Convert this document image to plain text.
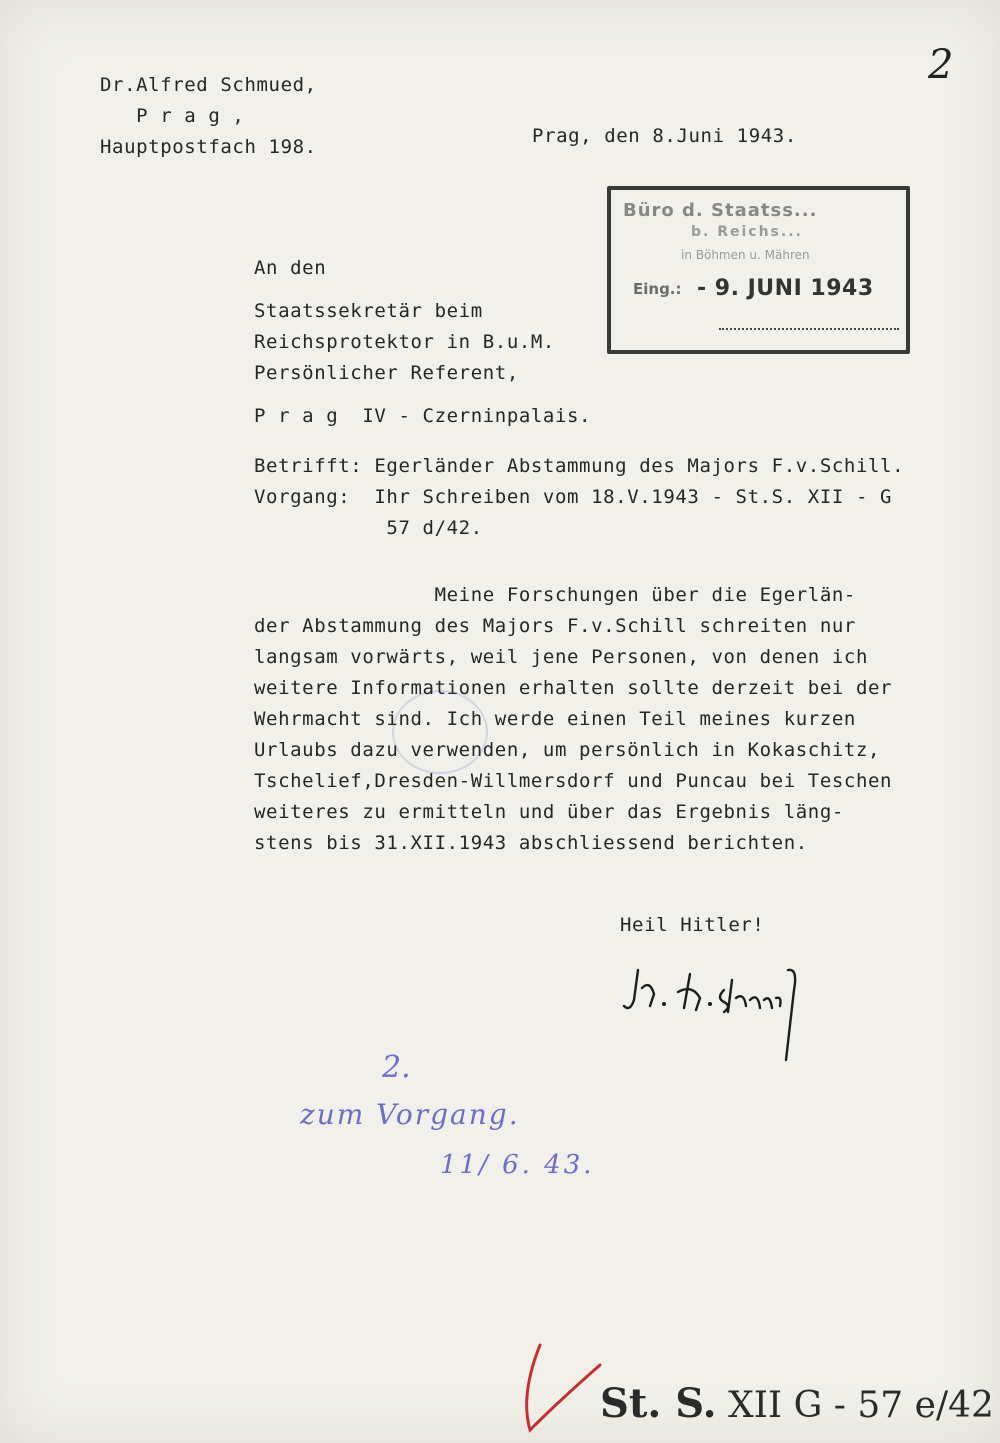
2
Dr.Alfred Schmued,
P r a g ,
Hauptpostfach 198.	Prag, den 8.Juni 1943.
Büro d. Staatss...
b. Reichs...
in Böhmen u. Mähren
Eing.: - 9. JUNI 1943
An den
Staatssekretär beim
Reichsprotektor in B.u.M.
Persönlicher Referent,
P r a g  IV - Czerninpalais.
Betrifft: Egerländer Abstammung des Majors F.v.Schill.
Vorgang:  Ihr Schreiben vom 18.V.1943 - St.S. XII - G
57 d/42.
Meine Forschungen über die Egerlän-
der Abstammung des Majors F.v.Schill schreiten nur
langsam vorwärts, weil jene Personen, von denen ich
weitere Informationen erhalten sollte derzeit bei der
Wehrmacht sind. Ich werde einen Teil meines kurzen
Urlaubs dazu verwenden, um persönlich in Kokaschitz,
Tschelief,Dresden-Willmersdorf und Puncau bei Teschen
weiteres zu ermitteln und über das Ergebnis läng-
stens bis 31.XII.1943 abschliessend berichten.
Heil Hitler!
2.
zum Vorgang.
11/ 6. 43.
St. S. XII G - 57 e/42
